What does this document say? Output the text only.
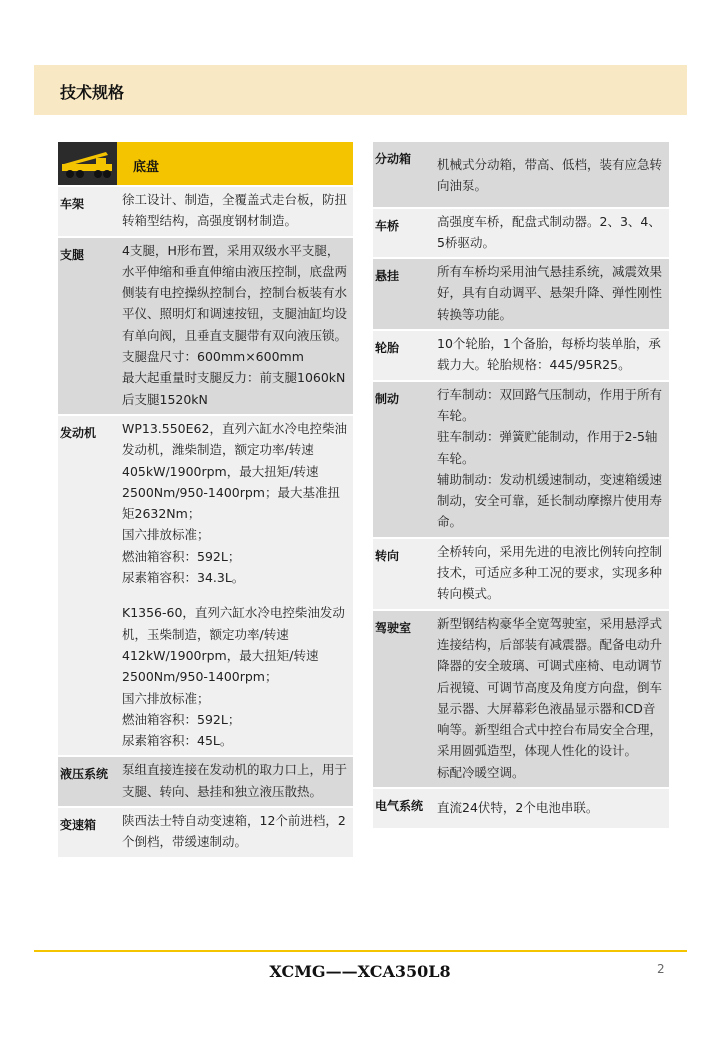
技术规格
底盘
车架	徐工设计、制造，全覆盖式走台板，防扭转箱型结构，高强度钢材制造。

支腿	4支腿，H形布置，采用双级水平支腿，水平伸缩和垂直伸缩由液压控制，底盘两侧装有电控操纵控制台，控制台板装有水平仪、照明灯和调速按钮，支腿油缸均设有单向阀，且垂直支腿带有双向液压锁。

支腿盘尺寸：600mm×600mm

最大起重量时支腿反力：前支腿1060kN后支腿1520kN

发动机	WP13.550E62，直列六缸水冷电控柴油发动机，潍柴制造，额定功率/转速405kW/1900rpm，最大扭矩/转速2500Nm/950-1400rpm；最大基准扭矩2632Nm；

国六排放标准；

燃油箱容积：592L；

尿素箱容积：34.3L。

K1356-60，直列六缸水冷电控柴油发动机，玉柴制造，额定功率/转速412kW/1900rpm，最大扭矩/转速2500Nm/950-1400rpm；

国六排放标准；

燃油箱容积：592L；

尿素箱容积：45L。

液压系统	泵组直接连接在发动机的取力口上，用于支腿、转向、悬挂和独立液压散热。

变速箱	陕西法士特自动变速箱，12个前进档，2个倒档，带缓速制动。

分动箱	机械式分动箱，带高、低档，装有应急转向油泵。

车桥	高强度车桥，配盘式制动器。2、3、4、5桥驱动。

悬挂	所有车桥均采用油气悬挂系统，减震效果好，具有自动调平、悬架升降、弹性刚性转换等功能。

轮胎	10个轮胎，1个备胎，每桥均装单胎，承载力大。轮胎规格：445/95R25。

制动	行车制动：双回路气压制动，作用于所有车轮。

驻车制动：弹簧贮能制动，作用于2-5轴车轮。

辅助制动：发动机缓速制动，变速箱缓速制动，安全可靠，延长制动摩擦片使用寿命。

转向	全桥转向，采用先进的电液比例转向控制技术，可适应多种工况的要求，实现多种转向模式。

驾驶室	新型钢结构豪华全宽驾驶室，采用悬浮式连接结构，后部装有减震器。配备电动升降器的安全玻璃、可调式座椅、电动调节后视镜、可调节高度及角度方向盘，倒车显示器、大屏幕彩色液晶显示器和CD音响等。新型组合式中控台布局安全合理，采用圆弧造型，体现人性化的设计。

标配冷暖空调。

电气系统	直流24伏特，2个电池串联。

XCMG——XCA350L8	2
